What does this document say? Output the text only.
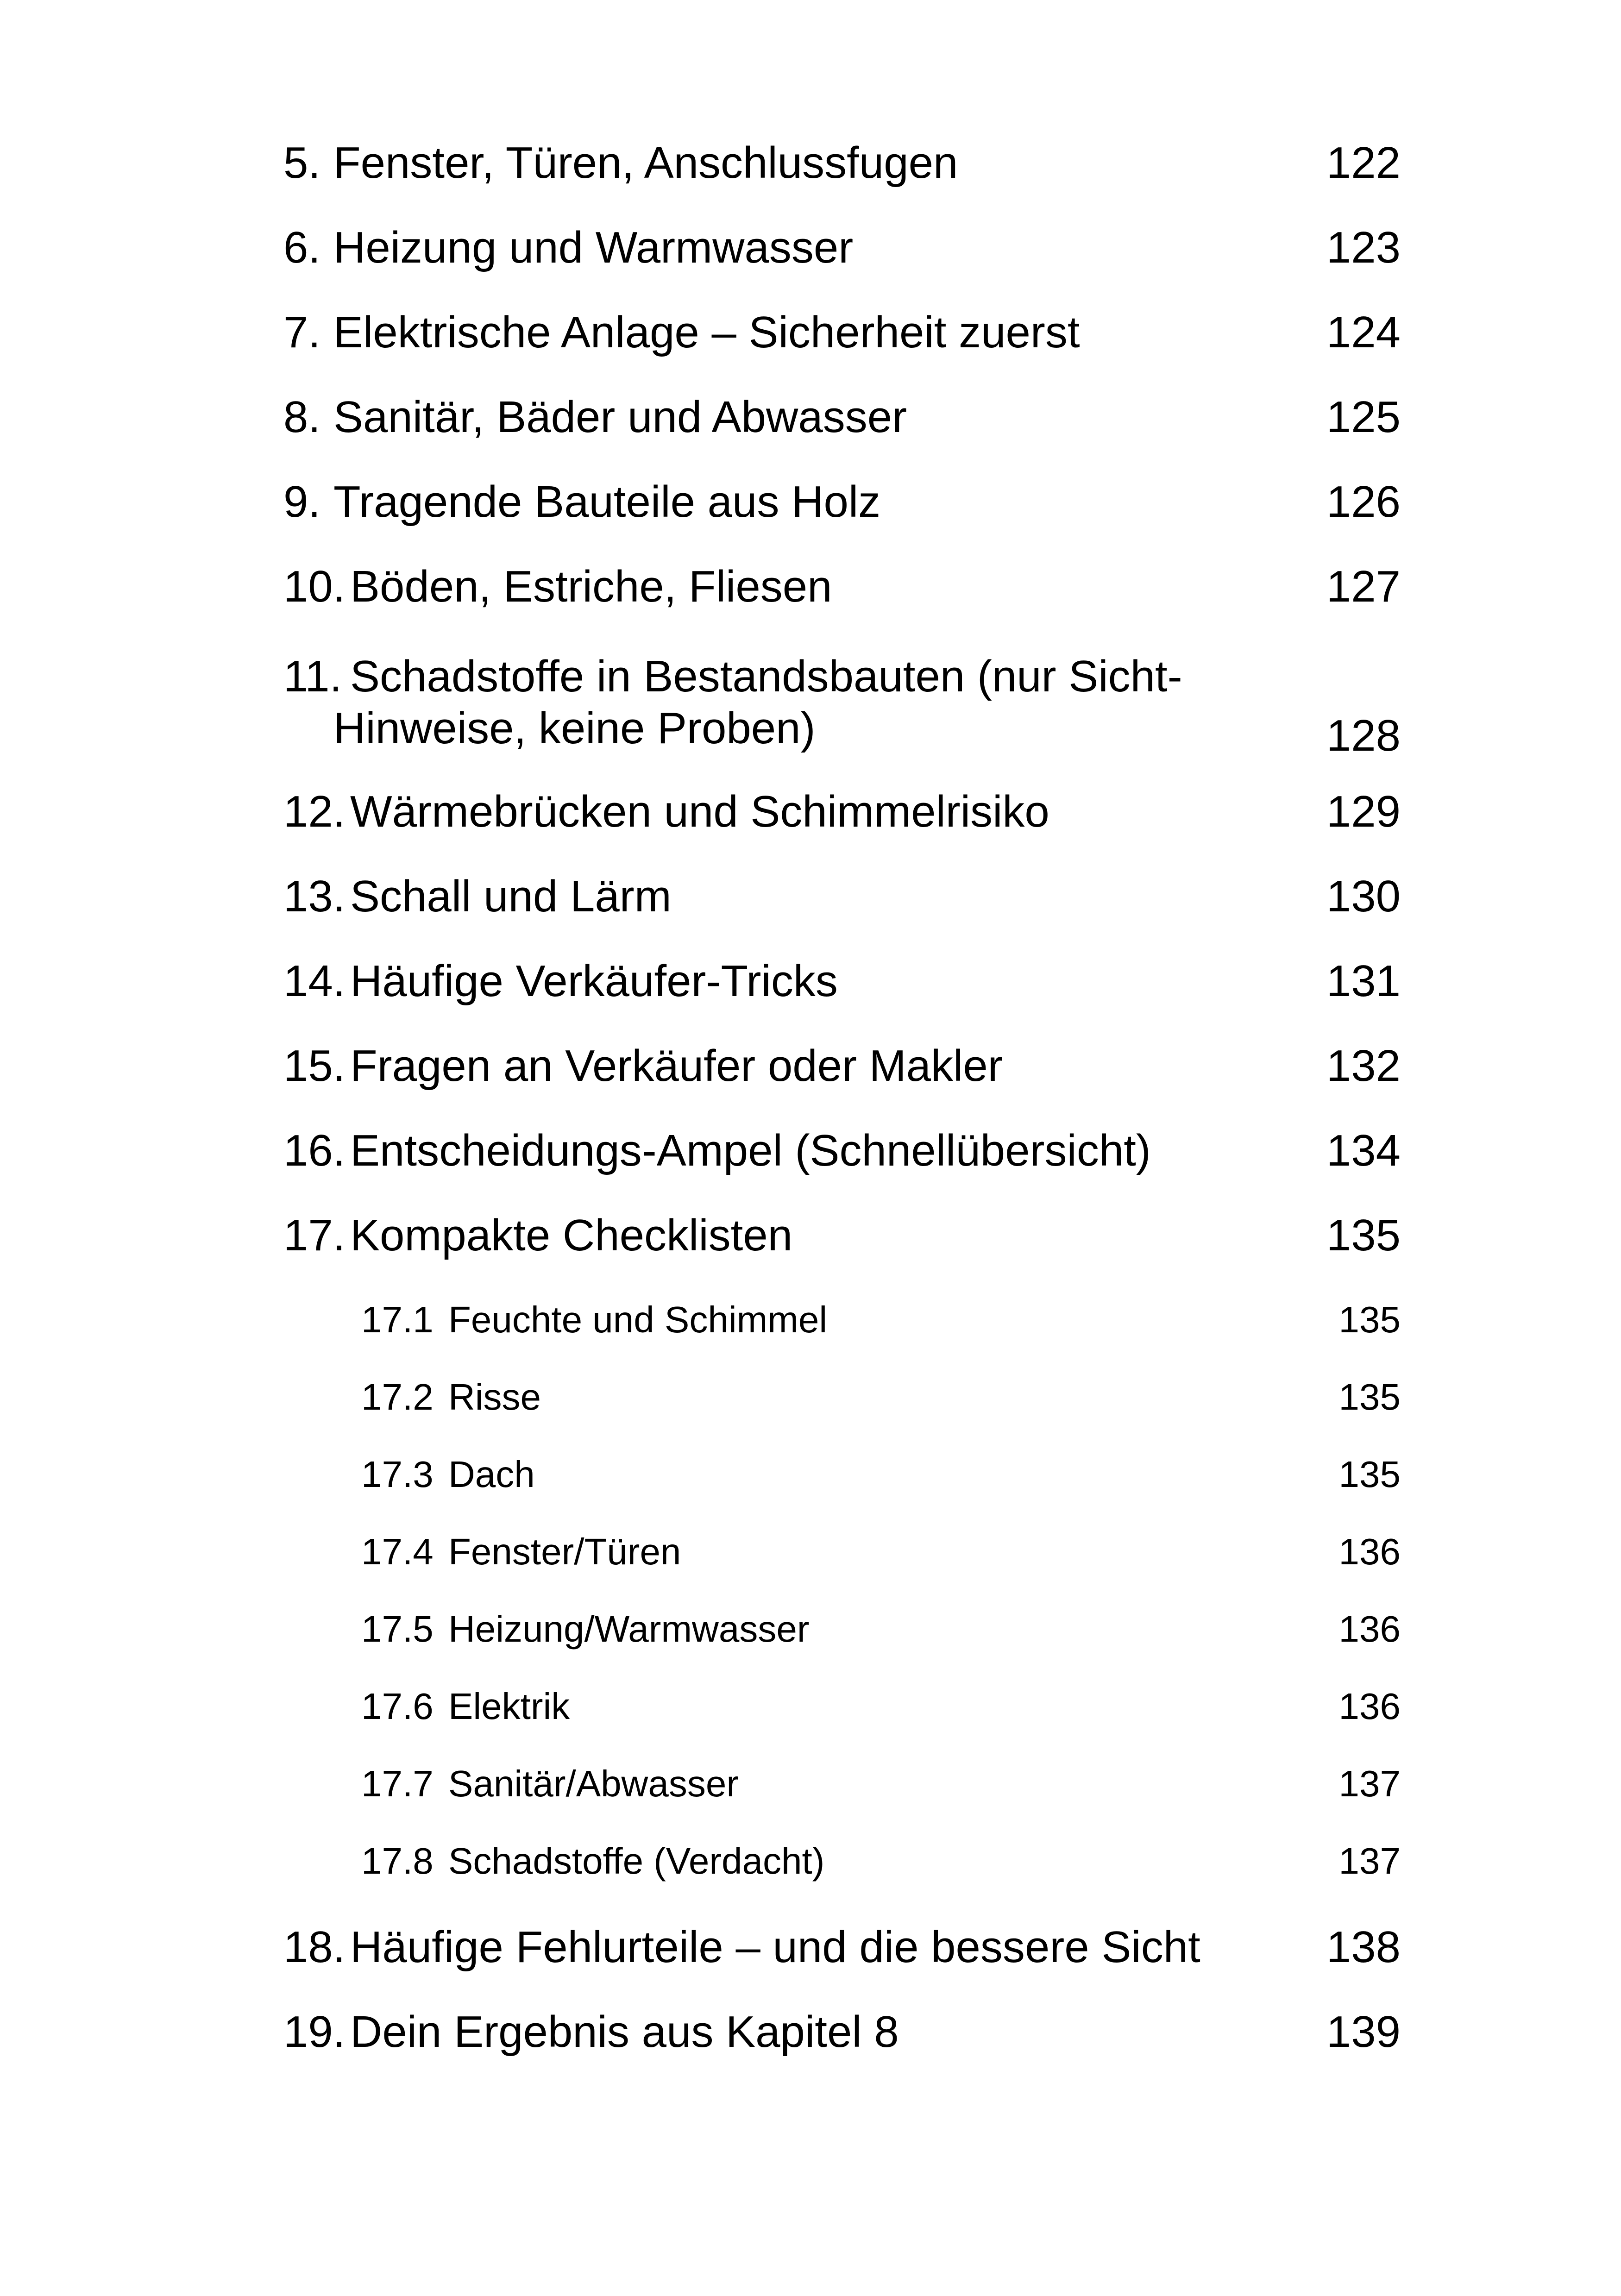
5. Fenster, Türen, Anschlussfugen	122
6. Heizung und Warmwasser	123
7. Elektrische Anlage – Sicherheit zuerst	124
8. Sanitär, Bäder und Abwasser	125
9. Tragende Bauteile aus Holz	126
10. Böden, Estriche, Fliesen	127
11. Schadstoffe in Bestandsbauten (nur Sicht-
Hinweise, keine Proben)	128
12. Wärmebrücken und Schimmelrisiko	129
13. Schall und Lärm	130
14. Häufige Verkäufer-Tricks	131
15. Fragen an Verkäufer oder Makler	132
16. Entscheidungs-Ampel (Schnellübersicht)	134
17. Kompakte Checklisten	135
17.1 Feuchte und Schimmel	135
17.2 Risse	135
17.3 Dach	135
17.4 Fenster/Türen	136
17.5 Heizung/Warmwasser	136
17.6 Elektrik	136
17.7 Sanitär/Abwasser	137
17.8 Schadstoffe (Verdacht)	137
18. Häufige Fehlurteile – und die bessere Sicht	138
19. Dein Ergebnis aus Kapitel 8	139
